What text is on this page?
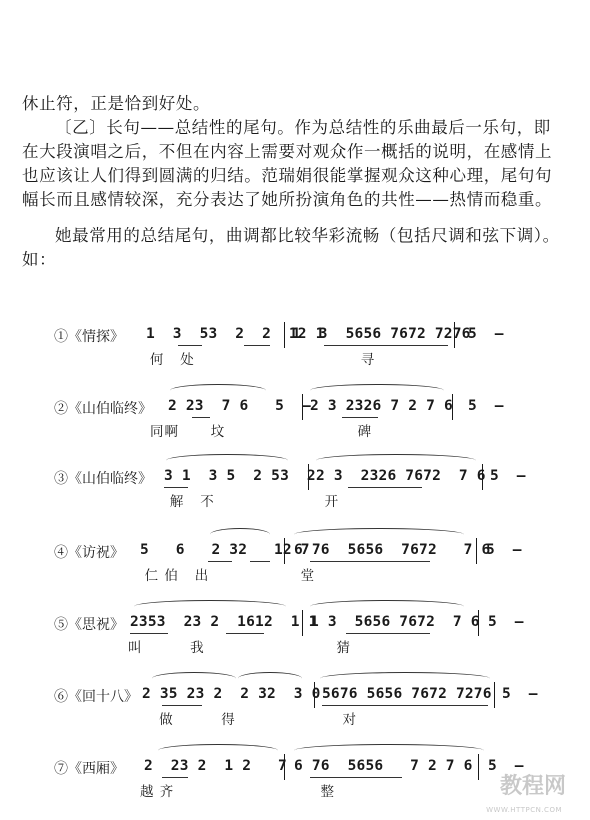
休止符，正是恰到好处。

〔乙〕长句——总结性的尾句。作为总结性的乐曲最后一乐句，即在大段演唱之后，不但在内容上需要对观众作一概括的说明，在感情上也应该让人们得到圆满的归结。范瑞娟很能掌握观众这种心理，尾句句幅长而且感情较深，充分表达了她所扮演角色的共性——热情而稳重。

她最常用的总结尾句，曲调都比较华彩流畅（包括尺调和弦下调）。如：

①《情探》 1  3  53  2  2  12 1
1  3  5656 7672 7276
5  –
何   处	寻
②《山伯临终》 2 23  7 6   5  – 2 3 2326 7 2 7 6 5  –
同啊      坟	碑
③《山伯临终》 3 1  3 5  2 53  2 2 3  2326 7672  7 6 5  –
解   不	开
④《访祝》 5   6   2 32   12 7
6 76  5656  7672   7 6
5  –
仁 伯   出	堂
⑤《思祝》 2353  23 2  1612  1 1
1 3  5656 7672  7 6 5  –
叫         我	猜
⑥《回十八》 2 35 23 2  2 32  3 0 5676 5656 7672 7276 5  –
做         得	对
⑦《西厢》 2  23 2  1 2   7 6 76  5656   7 2 7 6 5  –
越 齐	整	教程网
WWW.HTTPCN.COM
